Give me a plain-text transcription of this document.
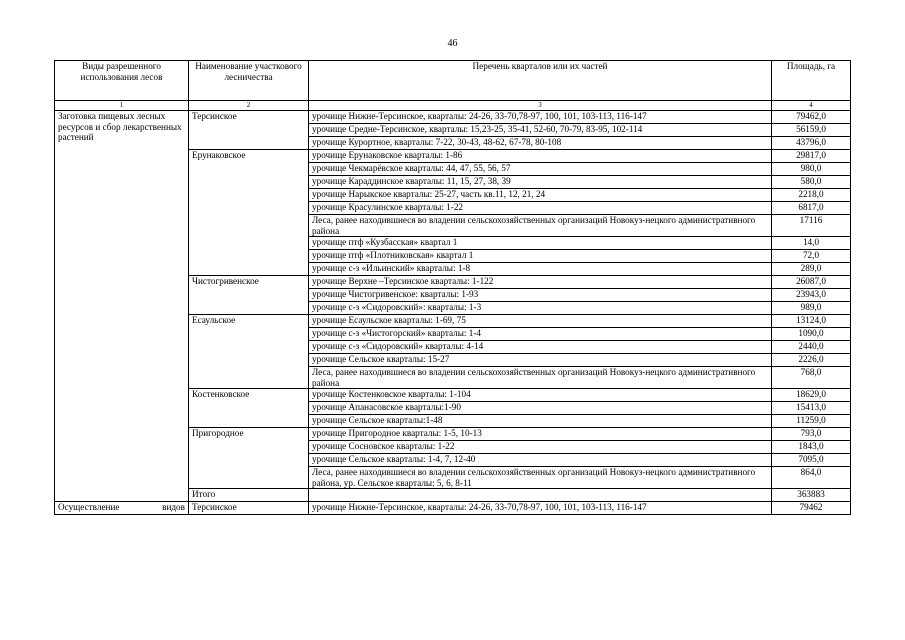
46
Виды разрешенного использования лесов	Наименование участкового лесничества	Перечень кварталов или их частей	Площадь, га
1	2	3	4
Заготовка пищевых лесных ресурсов и сбор лекарственных растений	Терсинское	урочище Нижне-Терсинское, кварталы: 24-26, 33-70,78-97, 100, 101, 103-113, 116-147	79462,0
		урочище Средне-Терсинское, кварталы: 15,23-25, 35-41, 52-60, 70-79, 83-95, 102-114	56159,0
		урочище Курортное, кварталы: 7-22, 30-43, 48-62, 67-78, 80-108	43796,0
	Ерунаковское	урочище Ерунаковское кварталы: 1-86	29817,0
		урочище Чекмарёвское кварталы: 44, 47, 55, 56, 57	980,0
		урочище Караддинское кварталы: 11, 15, 27, 38, 39	580,0
		урочище Нарыкское кварталы: 25-27, часть кв.11, 12, 21, 24	2218,0
		урочище Красулинское кварталы: 1-22	6817,0
		Леса, ранее находившиеся во владении сельскохозяйственных организаций Новокуз-нецкого административного района	17116
		урочище птф «Кузбасская» квартал 1	14,0
		урочище птф «Плотниковская» квартал 1	72,0
		урочище с-з «Ильинский» кварталы: 1-8	289,0
	Чистогривенское	урочище Верхне –Терсинское кварталы: 1-122	26087,0
		урочище Чистогривенское: кварталы: 1-93	23943,0
		урочище с-з «Сидоровский»: кварталы: 1-3	989,0
	Есаульское	урочище Есаульское кварталы: 1-69, 75	13124,0
		урочище с-з «Чистогорский» кварталы: 1-4	1090,0
		урочище с-з «Сидоровский» кварталы: 4-14	2440,0
		урочище Сельское кварталы: 15-27	2226,0
		Леса, ранее находившиеся во владении сельскохозяйственных организаций Новокуз-нецкого административного района	768,0
	Костенковское	урочище Костенковское кварталы: 1-104	18629,0
		урочище Апанасовское кварталы:1-90	15413,0
		урочище Сельское кварталы:1-48	11259,0
	Пригородное	урочище Пригородное кварталы: 1-5, 10-13	793,0
		урочище Сосновское кварталы: 1-22	1843,0
		урочище Сельское кварталы: 1-4, 7, 12-40	7095,0
		Леса, ранее находившиеся во владении сельскохозяйственных организаций Новокуз-нецкого административного района, ур. Сельское кварталы: 5, 6, 8-11	864,0
	Итого		363883

Осуществление видов	Терсинское	урочище Нижне-Терсинское, кварталы: 24-26, 33-70,78-97, 100, 101, 103-113, 116-147	79462
